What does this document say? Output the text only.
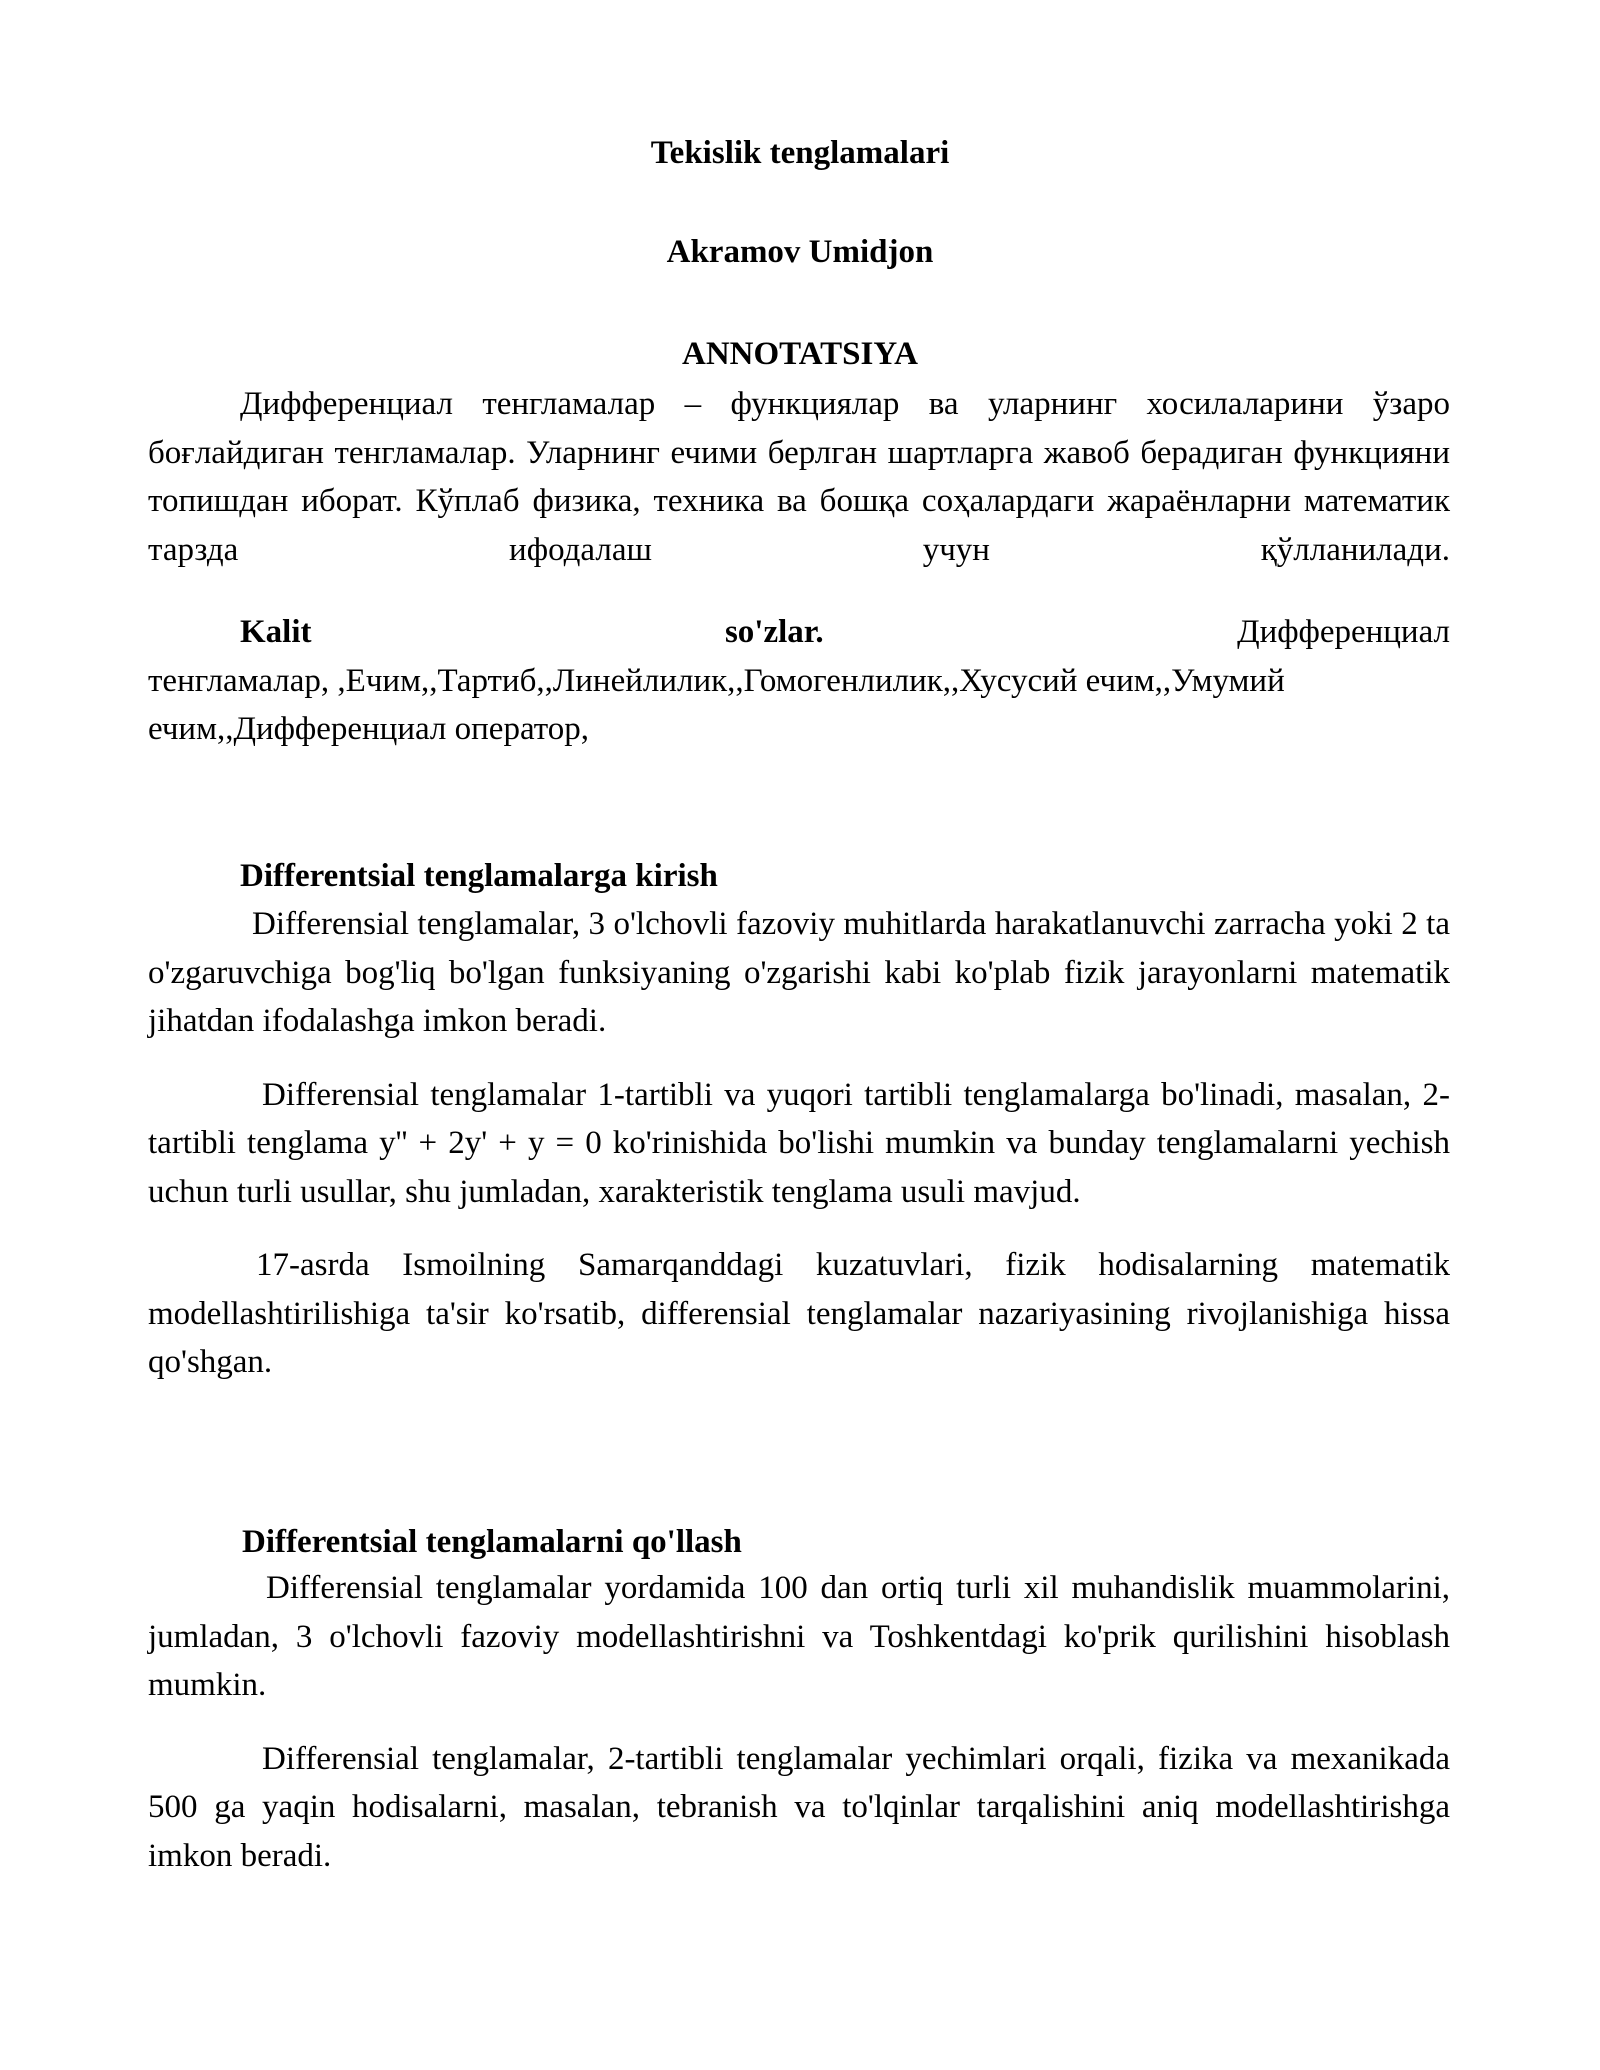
Tekislik tenglamalari
Akramov Umidjon
ANNOTATSIYA

Дифференциал тенгламалар – функциялар ва уларнинг хосилаларини ўзаро боғлайдиган тенгламалар. Уларнинг ечими берлган шартларга жавоб берадиган функцияни топишдан иборат. Кўплаб физика, техника ва бошқа соҳалардаги жараёнларни математик тарзда ифодалаш учун қўлланилади.

Kalit	so'zlar.	Дифференциал

тенгламалар, ,Ечим,,Тартиб,,Линейлилик,,Гомогенлилик,,Хусусий ечим,,Умумий ечим,,Дифференциал оператор,

Differentsial tenglamalarga kirish

Differensial tenglamalar, 3 o'lchovli fazoviy muhitlarda harakatlanuvchi zarracha yoki 2 ta o'zgaruvchiga bog'liq bo'lgan funksiyaning o'zgarishi kabi ko'plab fizik jarayonlarni matematik jihatdan ifodalashga imkon beradi.

Differensial tenglamalar 1-tartibli va yuqori tartibli tenglamalarga bo'linadi, masalan, 2-tartibli tenglama y'' + 2y' + y = 0 ko'rinishida bo'lishi mumkin va bunday tenglamalarni yechish uchun turli usullar, shu jumladan, xarakteristik tenglama usuli mavjud.

17-asrda Ismoilning Samarqanddagi kuzatuvlari, fizik hodisalarning matematik modellashtirilishiga ta'sir ko'rsatib, differensial tenglamalar nazariyasining rivojlanishiga hissa qo'shgan.

Differentsial tenglamalarni qo'llash

Differensial tenglamalar yordamida 100 dan ortiq turli xil muhandislik muammolarini, jumladan, 3 o'lchovli fazoviy modellashtirishni va Toshkentdagi ko'prik qurilishini hisoblash mumkin.

Differensial tenglamalar, 2-tartibli tenglamalar yechimlari orqali, fizika va mexanikada 500 ga yaqin hodisalarni, masalan, tebranish va to'lqinlar tarqalishini aniq modellashtirishga imkon beradi.
